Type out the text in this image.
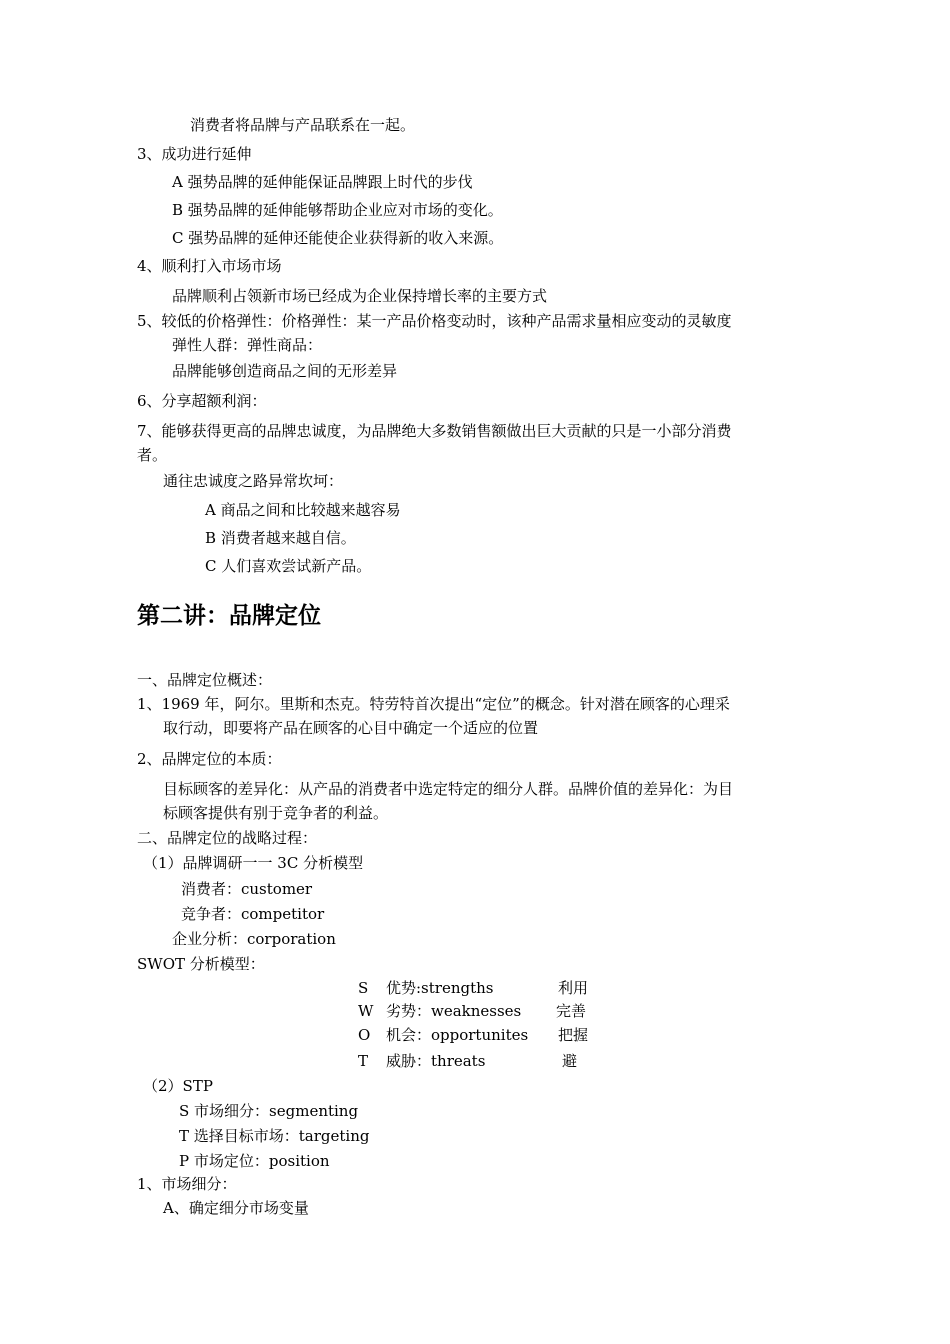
消费者将品牌与产品联系在一起。
3、成功进行延伸
A 强势品牌的延伸能保证品牌跟上时代的步伐
B 强势品牌的延伸能够帮助企业应对市场的变化。
C 强势品牌的延伸还能使企业获得新的收入来源。
4、顺利打入市场市场
品牌顺利占领新市场已经成为企业保持增长率的主要方式
5、较低的价格弹性：价格弹性：某一产品价格变动时，该种产品需求量相应变动的灵敏度
弹性人群：弹性商品：
品牌能够创造商品之间的无形差异
6、分享超额利润：
7、能够获得更高的品牌忠诚度，为品牌绝大多数销售额做出巨大贡献的只是一小部分消费
者。
通往忠诚度之路异常坎坷：
A 商品之间和比较越来越容易
B 消费者越来越自信。
C 人们喜欢尝试新产品。
第二讲：品牌定位
一、品牌定位概述：
1、1969 年，阿尔。里斯和杰克。特劳特首次提出“定位”的概念。针对潜在顾客的心理采
取行动，即要将产品在顾客的心目中确定一个适应的位置
2、品牌定位的本质：
目标顾客的差异化：从产品的消费者中选定特定的细分人群。品牌价值的差异化：为目
标顾客提供有别于竞争者的利益。
二、品牌定位的战略过程：
（1）品牌调研一一 3C 分析模型
消费者：customer
竞争者：competitor
企业分析：corporation
SWOT 分析模型：
S 优势:strengths	利用
W 劣势：weaknesses 完善
O 机会：opportunites 把握
T 威胁：threats	避
（2）STP
S 市场细分：segmenting
T 选择目标市场：targeting
P 市场定位：position
1、市场细分：
A、确定细分市场变量
